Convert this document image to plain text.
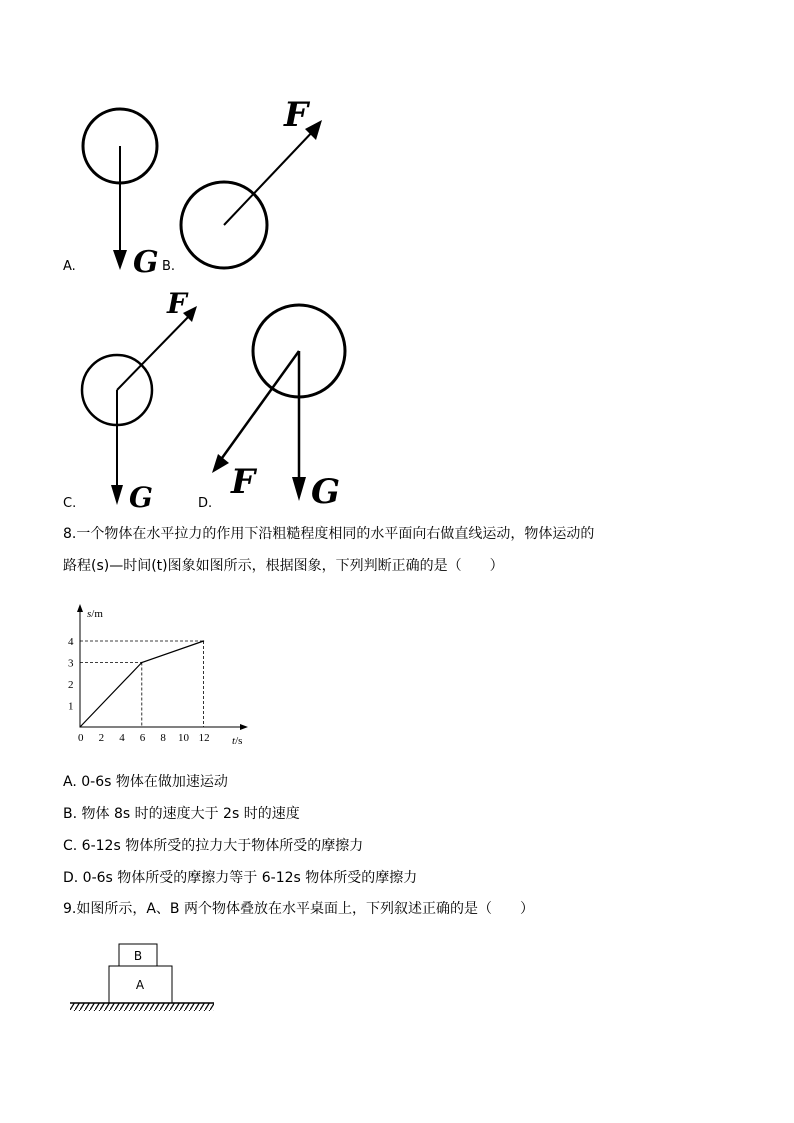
A. G B.
F
C.
F
G	D.
F G
8.一个物体在水平拉力的作用下沿粗糙程度相同的水平面向右做直线运动，物体运动的
路程(s)—时间(t)图象如图所示，根据图象，下列判断正确的是（　　）
s/m
t/s
0 2 4 6 8 10 12
1
2
3
4
A. 0-6s 物体在做加速运动
B. 物体 8s 时的速度大于 2s 时的速度
C. 6-12s 物体所受的拉力大于物体所受的摩擦力
D. 0-6s 物体所受的摩擦力等于 6-12s 物体所受的摩擦力
9.如图所示，A、B 两个物体叠放在水平桌面上，下列叙述正确的是（　　）
B
A
